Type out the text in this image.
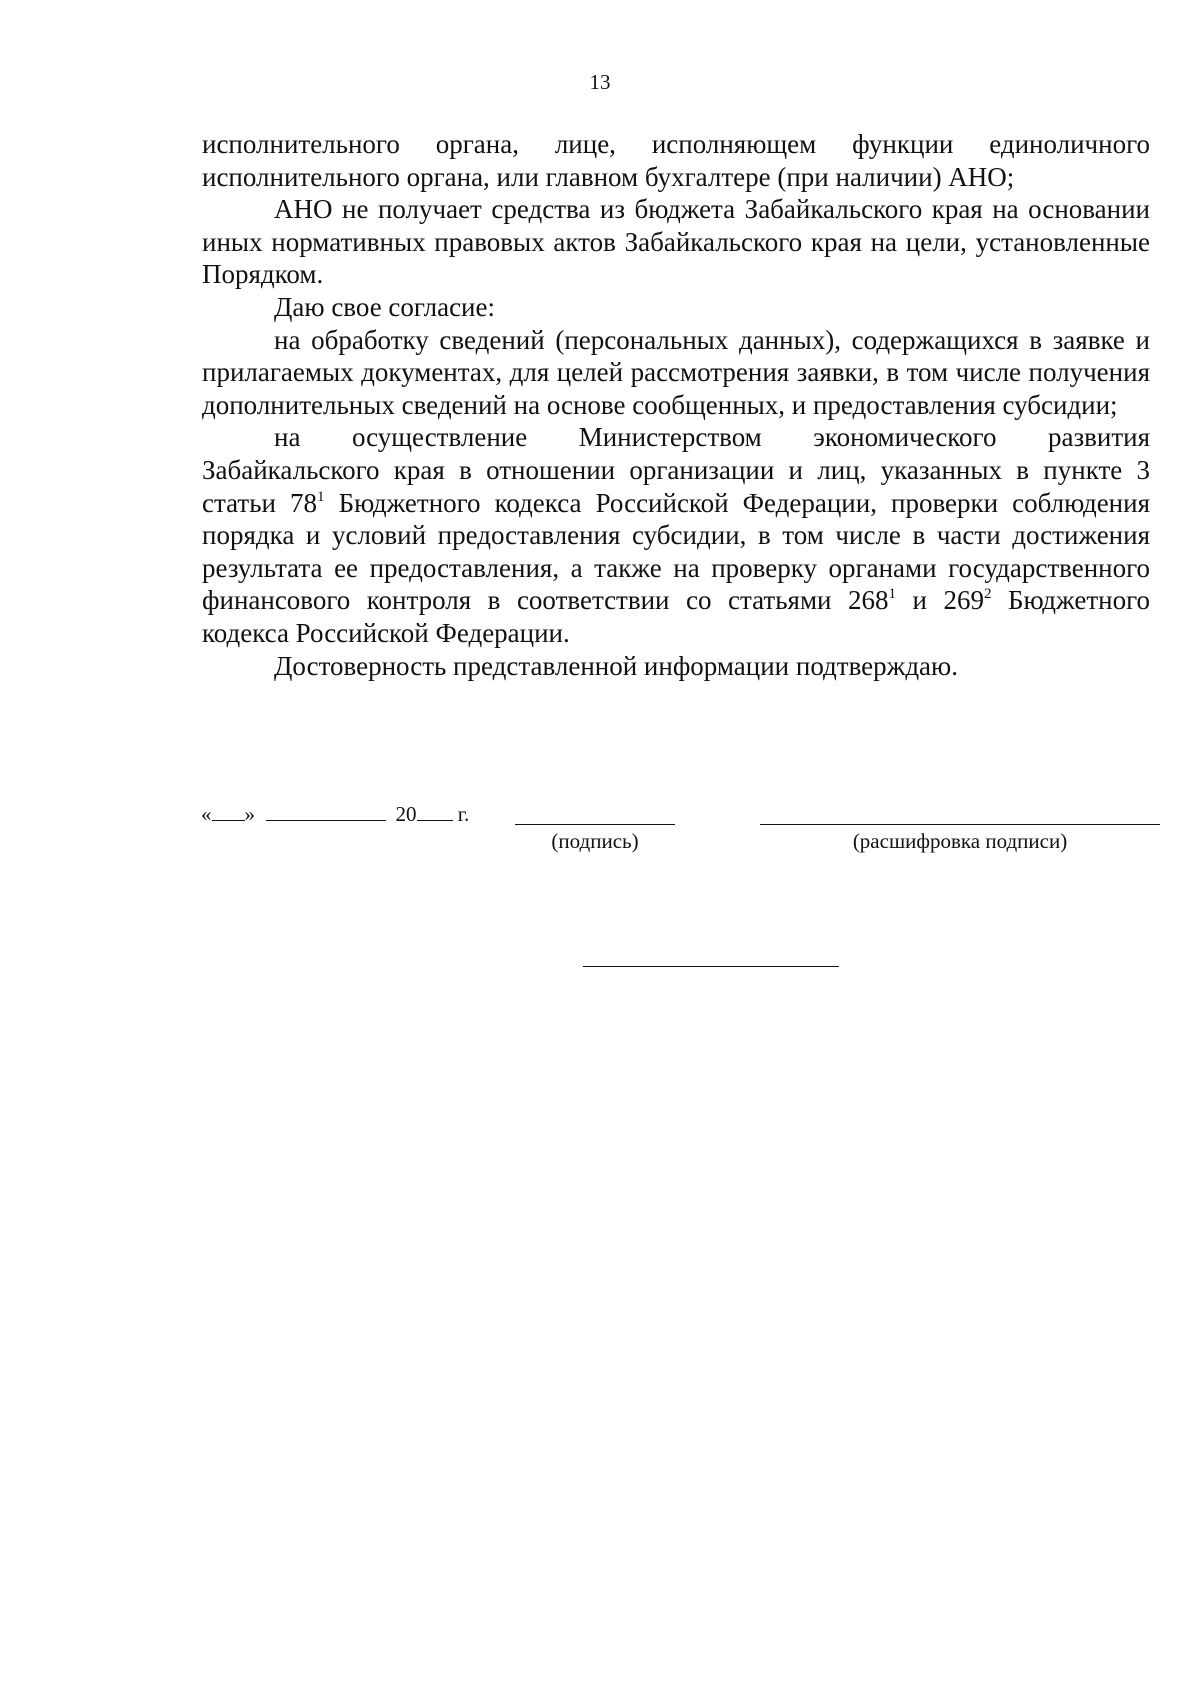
13

исполнительного органа, лице, исполняющем функции единоличного исполнительного органа, или главном бухгалтере (при наличии) АНО;

АНО не получает средства из бюджета Забайкальского края на основании иных нормативных правовых актов Забайкальского края на цели, установленные Порядком.

Даю свое согласие:

на обработку сведений (персональных данных), содержащихся в заявке и прилагаемых документах, для целей рассмотрения заявки, в том числе получения дополнительных сведений на основе сообщенных, и предоставления субсидии;

на осуществление Министерством экономического развития Забайкальского края в отношении организации и лиц, указанных в пункте 3 статьи $78^1$ Бюджетного кодекса Российской Федерации, проверки соблюдения порядка и условий предоставления субсидии, в том числе в части достижения результата ее предоставления, а также на проверку органами государственного финансового контроля в соответствии со статьями $268^1$ и $269^2$ Бюджетного кодекса Российской Федерации.

Достоверность представленной информации подтверждаю.

« »	20 г.
(подпись)	(расшифровка подписи)
